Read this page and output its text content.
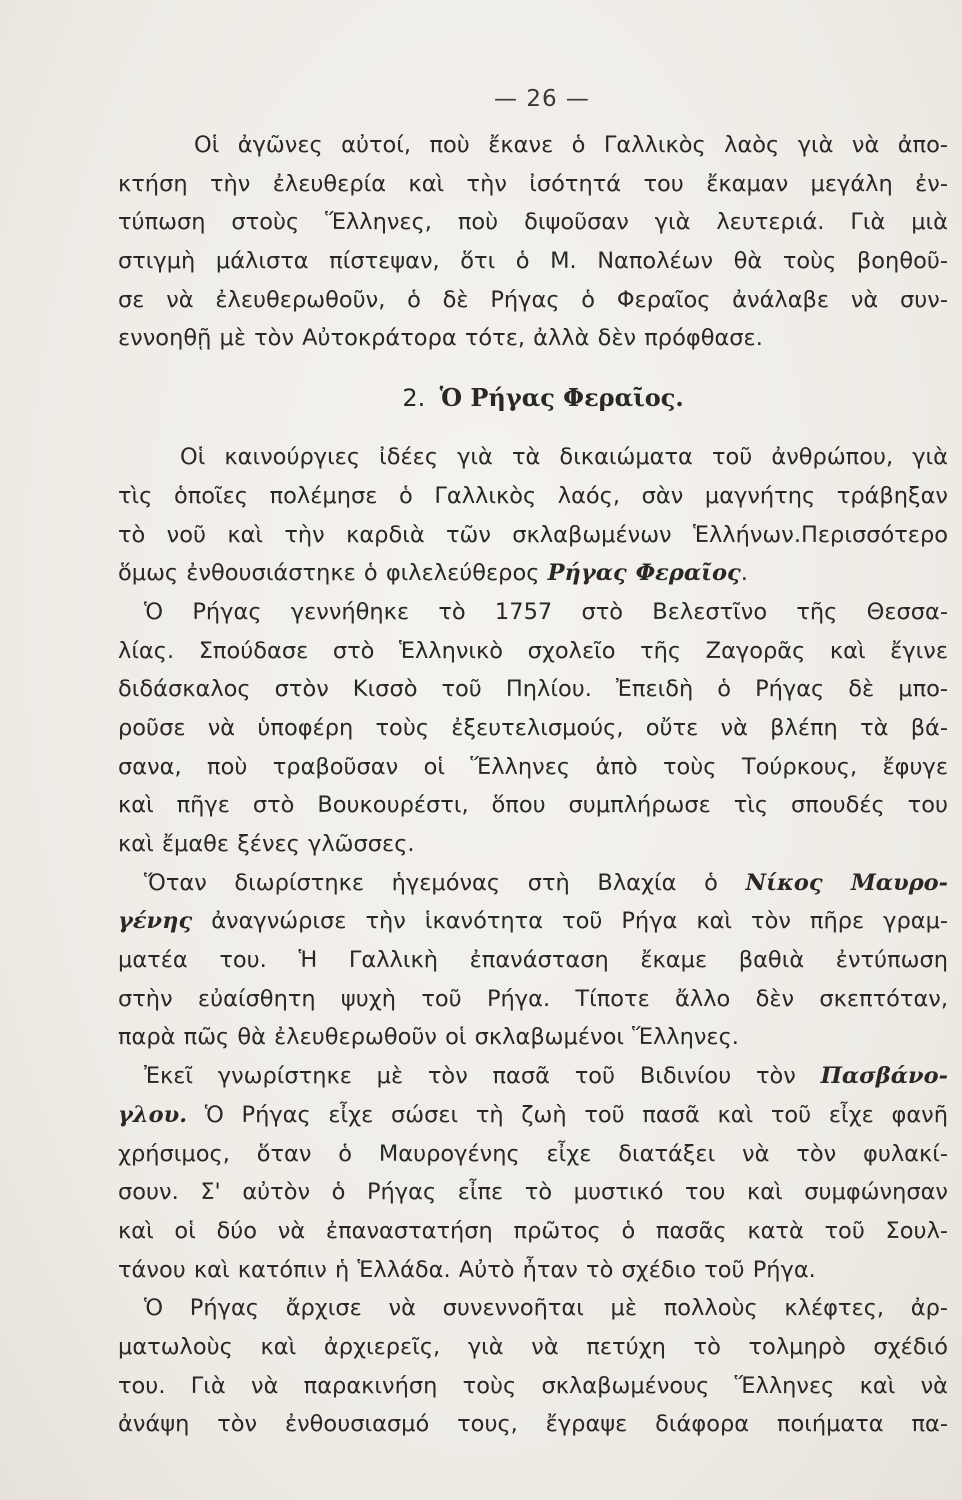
— 26 —
Οἱ ἀγῶνες αὐτοί, ποὺ ἔκανε ὁ Γαλλικὸς λαὸς γιὰ νὰ ἀπο-
κτήση τὴν ἐλευθερία καὶ τὴν ἰσότητά του ἔκαμαν μεγάλη ἐν-
τύπωση στοὺς Ἕλληνες, ποὺ διψοῦσαν γιὰ λευτεριά. Γιὰ μιὰ
στιγμὴ μάλιστα πίστεψαν, ὅτι ὁ Μ. Ναπολέων θὰ τοὺς βοηθοῦ-
σε νὰ ἐλευθερωθοῦν, ὁ δὲ Ρήγας ὁ Φεραῖος ἀνάλαβε νὰ συν-
εννοηθῇ μὲ τὸν Αὐτοκράτορα τότε, ἀλλὰ δὲν πρόφθασε.
2. Ὁ Ρήγας Φεραῖος.
Οἱ καινούργιες ἰδέες γιὰ τὰ δικαιώματα τοῦ ἀνθρώπου, γιὰ
τὶς ὁποῖες πολέμησε ὁ Γαλλικὸς λαός, σὰν μαγνήτης τράβηξαν
τὸ νοῦ καὶ τὴν καρδιὰ τῶν σκλαβωμένων Ἑλλήνων.Περισσότερο
ὅμως ἐνθουσιάστηκε ὁ φιλελεύθερος Ρήγας Φεραῖος.
Ὁ Ρήγας γεννήθηκε τὸ 1757 στὸ Βελεστῖνο τῆς Θεσσα-
λίας. Σπούδασε στὸ Ἑλληνικὸ σχολεῖο τῆς Ζαγορᾶς καὶ ἔγινε
διδάσκαλος στὸν Κισσὸ τοῦ Πηλίου. Ἐπειδὴ ὁ Ρήγας δὲ μπο-
ροῦσε νὰ ὑποφέρη τοὺς ἐξευτελισμούς, οὔτε νὰ βλέπη τὰ βά-
σανα, ποὺ τραβοῦσαν οἱ Ἕλληνες ἀπὸ τοὺς Τούρκους, ἔφυγε
καὶ πῆγε στὸ Βουκουρέστι, ὅπου συμπλήρωσε τὶς σπουδές του
καὶ ἔμαθε ξένες γλῶσσες.
Ὅταν διωρίστηκε ἡγεμόνας στὴ Βλαχία ὁ Νίκος Μαυρο-
γένης ἀναγνώρισε τὴν ἱκανότητα τοῦ Ρήγα καὶ τὸν πῆρε γραμ-
ματέα του. Ἡ Γαλλικὴ ἐπανάσταση ἔκαμε βαθιὰ ἐντύπωση
στὴν εὐαίσθητη ψυχὴ τοῦ Ρήγα. Τίποτε ἄλλο δὲν σκεπτόταν,
παρὰ πῶς θὰ ἐλευθερωθοῦν οἱ σκλαβωμένοι Ἕλληνες.
Ἐκεῖ γνωρίστηκε μὲ τὸν πασᾶ τοῦ Βιδινίου τὸν Πασβάνο-
γλου. Ὁ Ρήγας εἶχε σώσει τὴ ζωὴ τοῦ πασᾶ καὶ τοῦ εἶχε φανῆ
χρήσιμος, ὅταν ὁ Μαυρογένης εἶχε διατάξει νὰ τὸν φυλακί-
σουν. Σ' αὐτὸν ὁ Ρήγας εἶπε τὸ μυστικό του καὶ συμφώνησαν
καὶ οἱ δύο νὰ ἐπαναστατήση πρῶτος ὁ πασᾶς κατὰ τοῦ Σουλ-
τάνου καὶ κατόπιν ἡ Ἑλλάδα. Αὐτὸ ἦταν τὸ σχέδιο τοῦ Ρήγα.
Ὁ Ρήγας ἄρχισε νὰ συνεννοῆται μὲ πολλοὺς κλέφτες, ἀρ-
ματωλοὺς καὶ ἀρχιερεῖς, γιὰ νὰ πετύχη τὸ τολμηρὸ σχέδιό
του. Γιὰ νὰ παρακινήση τοὺς σκλαβωμένους Ἕλληνες καὶ νὰ
ἀνάψη τὸν ἐνθουσιασμό τους, ἔγραψε διάφορα ποιήματα πα-
